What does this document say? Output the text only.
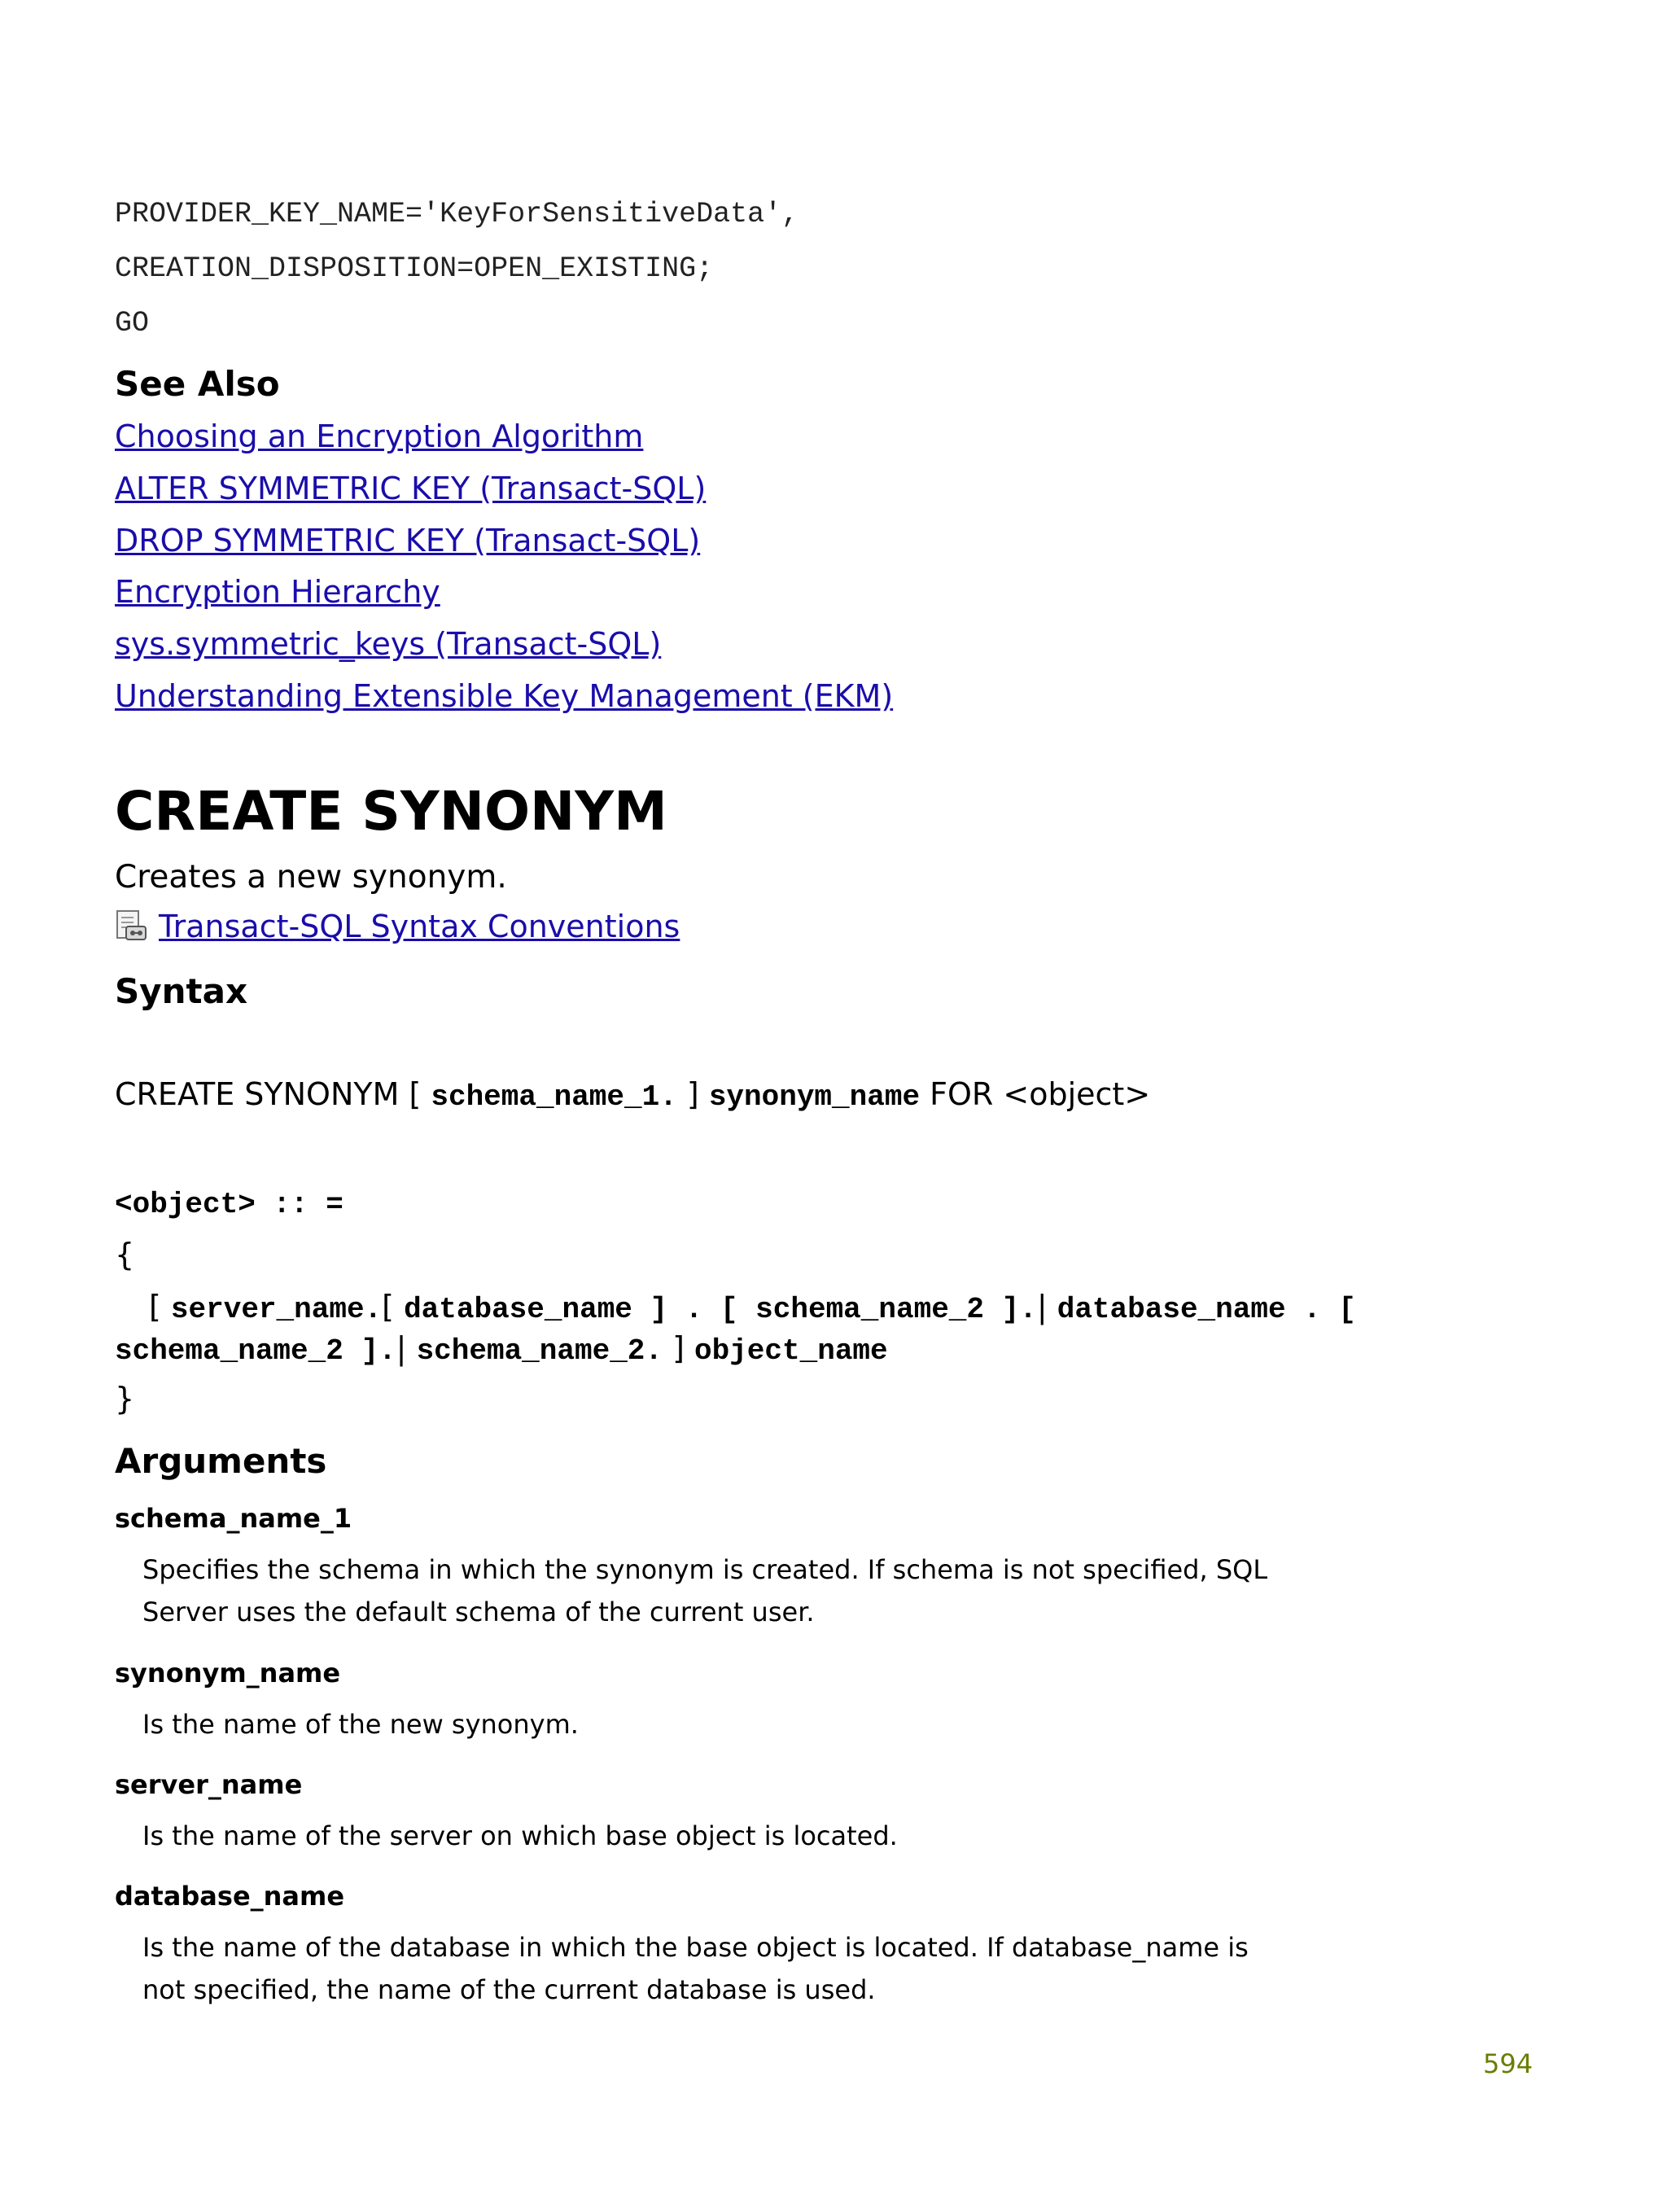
PROVIDER_KEY_NAME='KeyForSensitiveData',
CREATION_DISPOSITION=OPEN_EXISTING;
GO
See Also
Choosing an Encryption Algorithm
ALTER SYMMETRIC KEY (Transact-SQL)
DROP SYMMETRIC KEY (Transact-SQL)
Encryption Hierarchy
sys.symmetric_keys (Transact-SQL)
Understanding Extensible Key Management (EKM)
CREATE SYNONYM
Creates a new synonym.
Transact-SQL Syntax Conventions
Syntax
CREATE SYNONYM [ schema_name_1. ] synonym_name FOR <object>
<object> :: =
{
[ server_name.[ database_name ] . [ schema_name_2 ].| database_name . [
schema_name_2 ].| schema_name_2. ] object_name
}
Arguments
schema_name_1
Specifies the schema in which the synonym is created. If schema is not specified, SQL Server uses the default schema of the current user.
synonym_name
Is the name of the new synonym.
server_name
Is the name of the server on which base object is located.
database_name
Is the name of the database in which the base object is located. If database_name is not specified, the name of the current database is used.
594
